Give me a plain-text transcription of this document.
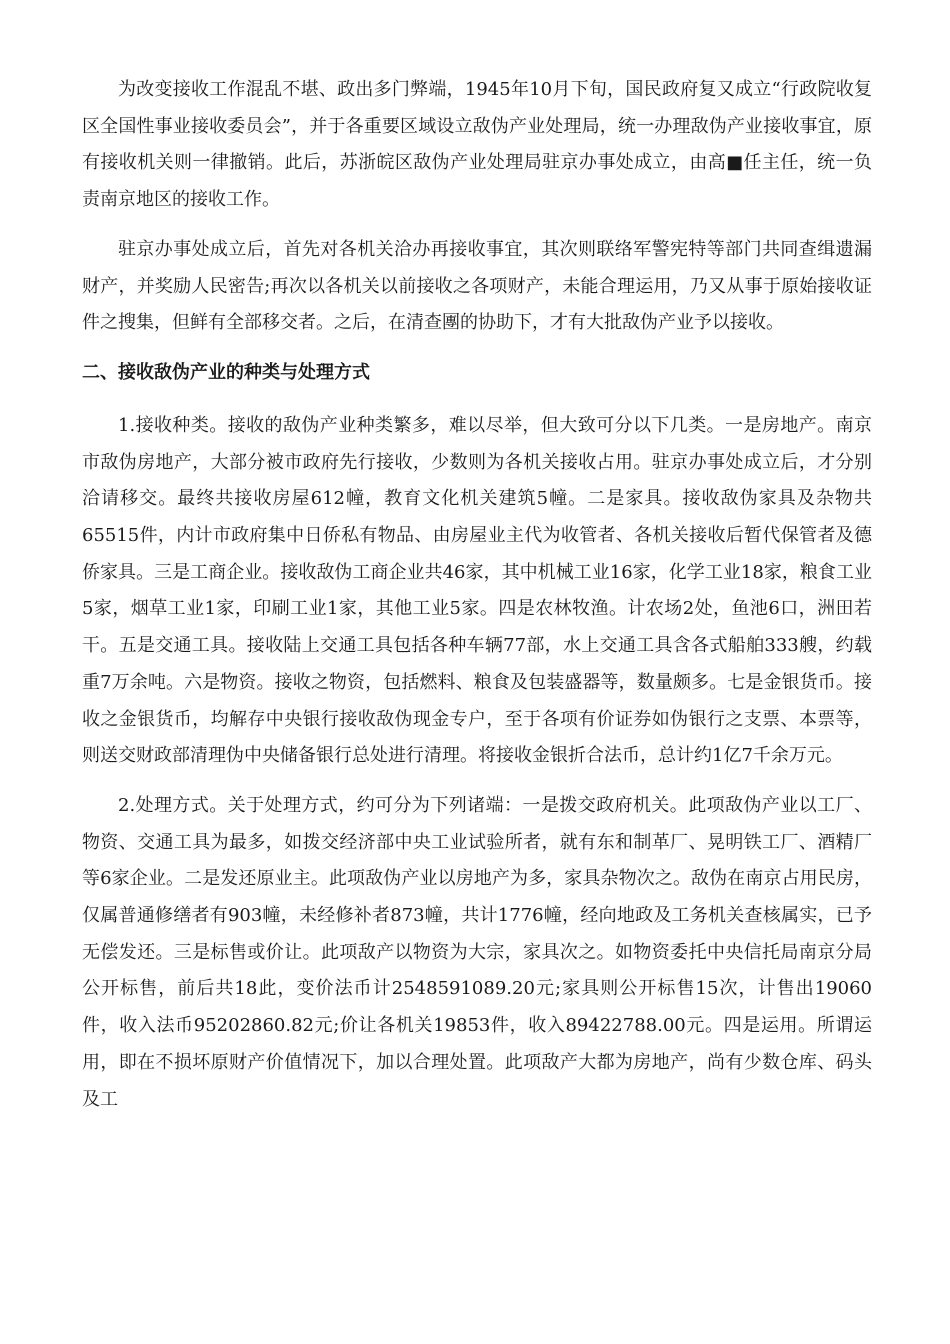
为改变接收工作混乱不堪、政出多门弊端，1945年10月下旬，国民政府复又成立“行政院收复区全国性事业接收委员会”，并于各重要区域设立敌伪产业处理局，统一办理敌伪产业接收事宜，原有接收机关则一律撤销。此后，苏浙皖区敌伪产业处理局驻京办事处成立，由高■任主任，统一负责南京地区的接收工作。

驻京办事处成立后，首先对各机关洽办再接收事宜，其次则联络军警宪特等部门共同查缉遗漏财产，并奖励人民密告;再次以各机关以前接收之各项财产，未能合理运用，乃又从事于原始接收证件之搜集，但鲜有全部移交者。之后，在清查團的协助下，才有大批敌伪产业予以接收。

二、接收敌伪产业的种类与处理方式

1.接收种类。接收的敌伪产业种类繁多，难以尽举，但大致可分以下几类。一是房地产。南京市敌伪房地产，大部分被市政府先行接收，少数则为各机关接收占用。驻京办事处成立后，才分别洽请移交。最终共接收房屋612幢，教育文化机关建筑5幢。二是家具。接收敌伪家具及杂物共65515件，内计市政府集中日侨私有物品、由房屋业主代为收管者、各机关接收后暂代保管者及德侨家具。三是工商企业。接收敌伪工商企业共46家，其中机械工业16家，化学工业18家，粮食工业5家，烟草工业1家，印刷工业1家，其他工业5家。四是农林牧渔。计农场2处，鱼池6口，洲田若干。五是交通工具。接收陆上交通工具包括各种车辆77部，水上交通工具含各式船舶333艘，约载重7万余吨。六是物资。接收之物资，包括燃料、粮食及包装盛器等，数量颇多。七是金银货币。接收之金银货币，均解存中央银行接收敌伪现金专户，至于各项有价证券如伪银行之支票、本票等，则送交财政部清理伪中央储备银行总处进行清理。将接收金银折合法币，总计约1亿7千余万元。

2.处理方式。关于处理方式，约可分为下列诸端：一是拨交政府机关。此项敌伪产业以工厂、物资、交通工具为最多，如拨交经济部中央工业试验所者，就有东和制革厂、晃明铁工厂、酒精厂等6家企业。二是发还原业主。此项敌伪产业以房地产为多，家具杂物次之。敌伪在南京占用民房，仅属普通修缮者有903幢，未经修补者873幢，共计1776幢，经向地政及工务机关查核属实，已予无偿发还。三是标售或价让。此项敌产以物资为大宗，家具次之。如物资委托中央信托局南京分局公开标售，前后共18此，变价法币计2548591089.20元;家具则公开标售15次，计售出19060件，收入法币95202860.82元;价让各机关19853件，收入89422788.00元。四是运用。所谓运用，即在不损坏原财产价值情况下，加以合理处置。此项敌产大都为房地产，尚有少数仓库、码头及工
